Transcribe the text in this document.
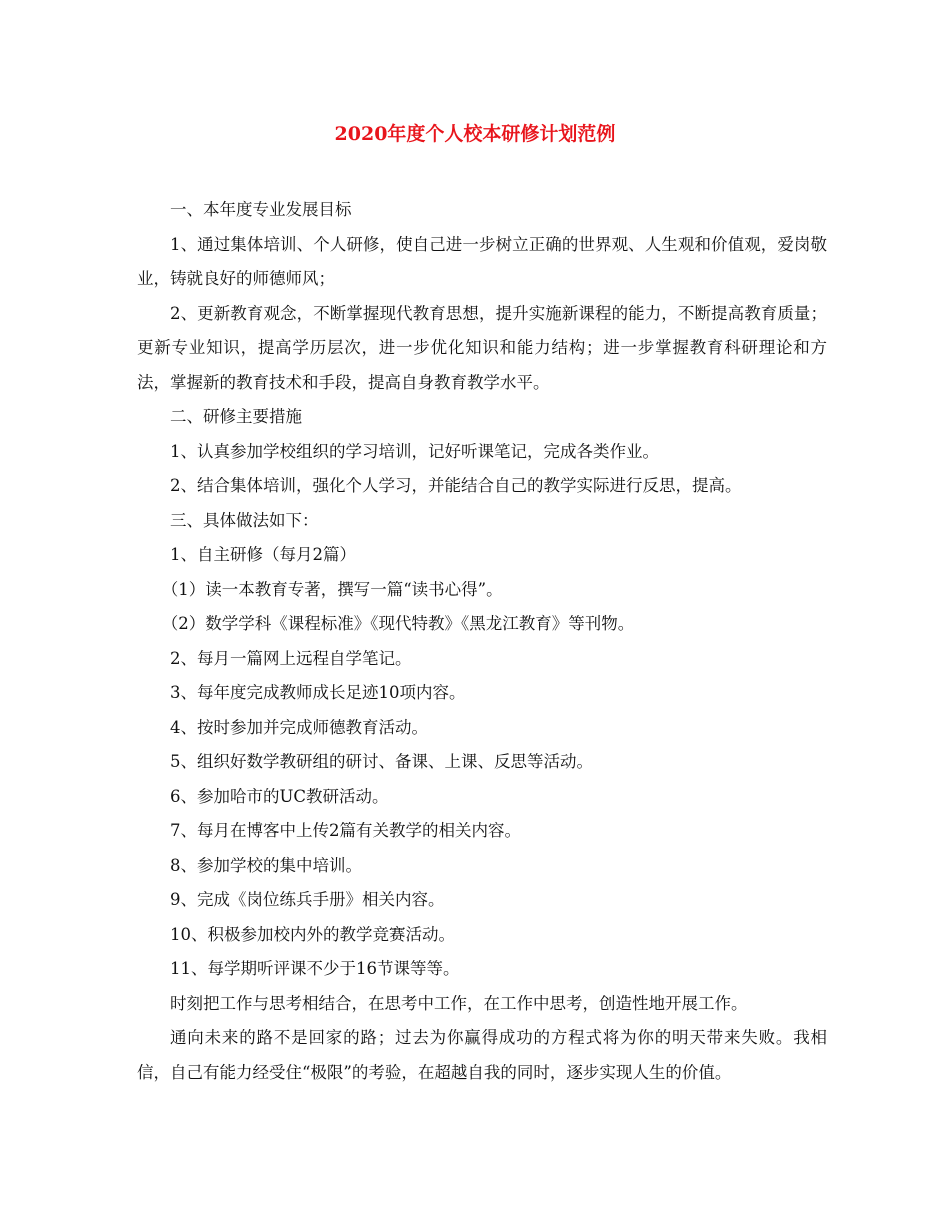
2020年度个人校本研修计划范例

一、本年度专业发展目标

1、通过集体培训、个人研修，使自己进一步树立正确的世界观、人生观和价值观，爱岗敬业，铸就良好的师德师风；

2、更新教育观念，不断掌握现代教育思想，提升实施新课程的能力，不断提高教育质量；更新专业知识，提高学历层次，进一步优化知识和能力结构；进一步掌握教育科研理论和方法，掌握新的教育技术和手段，提高自身教育教学水平。

二、研修主要措施

1、认真参加学校组织的学习培训，记好听课笔记，完成各类作业。

2、结合集体培训，强化个人学习，并能结合自己的教学实际进行反思，提高。

三、具体做法如下：

1、自主研修（每月2篇）

（1）读一本教育专著，撰写一篇“读书心得”。

（2）数学学科《课程标准》《现代特教》《黑龙江教育》等刊物。

2、每月一篇网上远程自学笔记。

3、每年度完成教师成长足迹10项内容。

4、按时参加并完成师德教育活动。

5、组织好数学教研组的研讨、备课、上课、反思等活动。

6、参加哈市的UC教研活动。

7、每月在博客中上传2篇有关教学的相关内容。

8、参加学校的集中培训。

9、完成《岗位练兵手册》相关内容。

10、积极参加校内外的教学竞赛活动。

11、每学期听评课不少于16节课等等。

时刻把工作与思考相结合，在思考中工作，在工作中思考，创造性地开展工作。

通向未来的路不是回家的路；过去为你赢得成功的方程式将为你的明天带来失败。我相信，自己有能力经受住“极限”的考验，在超越自我的同时，逐步实现人生的价值。
